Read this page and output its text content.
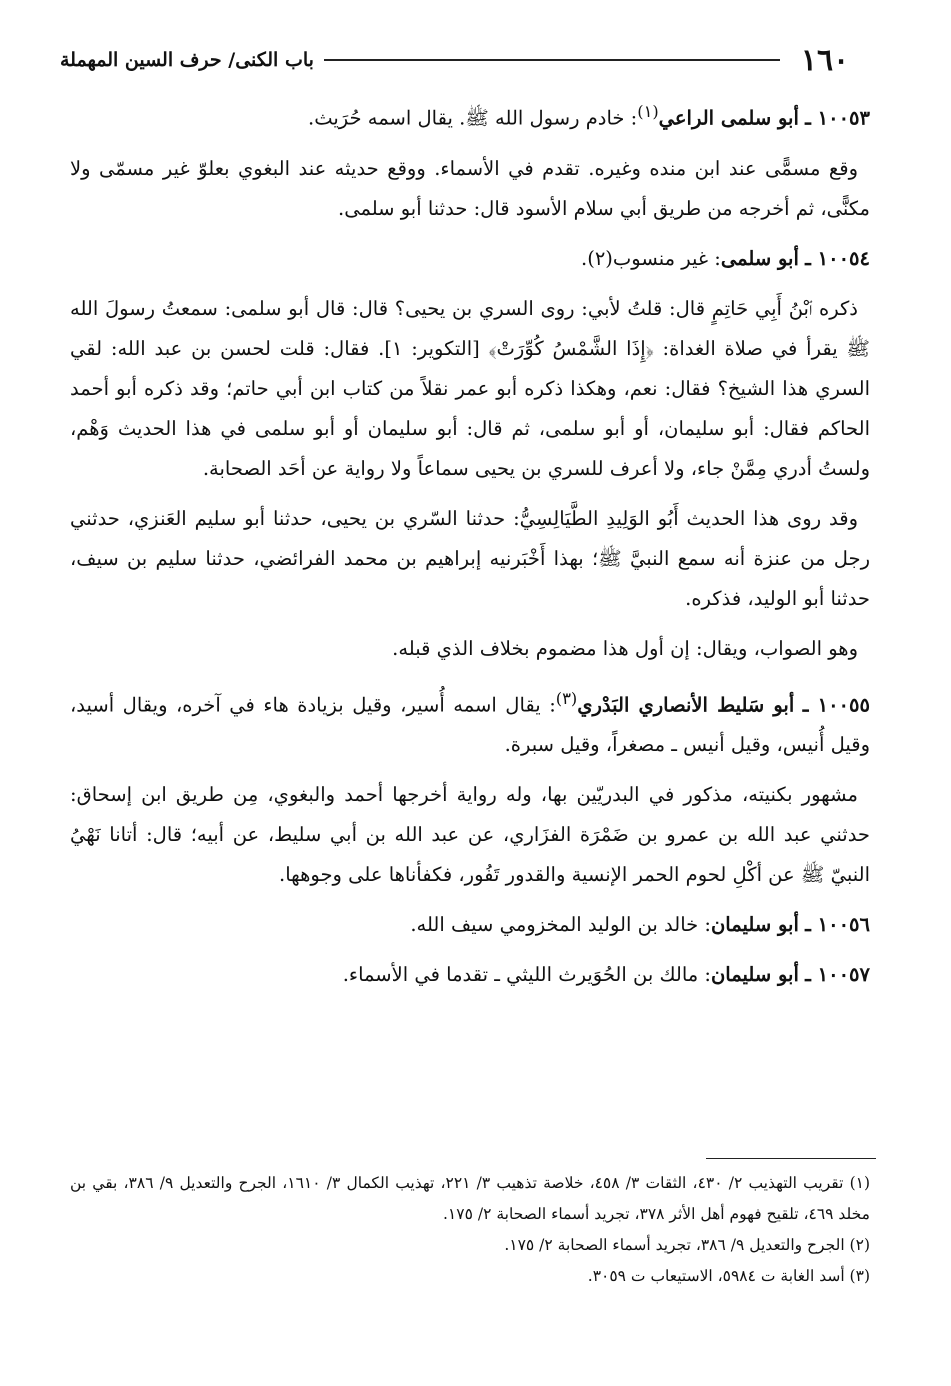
١٦٠
باب الكنى/ حرف السين المهملة

١٠٠٥٣ ـ أبو سلمى الراعي$^{(١)}$: خادم رسول الله ﷺ. يقال اسمه حُرَيث.

وقع مسمًّى عند ابن منده وغيره. تقدم في الأسماء. ووقع حديثه عند البغوي بعلوّ غير مسمّى ولا مكنًّى، ثم أخرجه من طريق أبي سلام الأسود قال: حدثنا أبو سلمى.

١٠٠٥٤ ـ أبو سلمى: غير منسوب(٢).

ذكره ٱبْنُ أَبِي حَاتِمٍ قال: قلتُ لأبي: روى السري بن يحيى؟ قال: قال أبو سلمى: سمعتُ رسولَ الله ﷺ يقرأ في صلاة الغداة: ﴿إِذَا الشَّمْسُ كُوِّرَتْ﴾ [التكوير: ١]. فقال: قلت لحسن بن عبد الله: لقي السري هذا الشيخ؟ فقال: نعم، وهكذا ذكره أبو عمر نقلاً من كتاب ابن أبي حاتم؛ وقد ذكره أبو أحمد الحاكم فقال: أبو سليمان، أو أبو سلمى، ثم قال: أبو سليمان أو أبو سلمى في هذا الحديث وَهْم، ولستُ أدري مِمَّنْ جاء، ولا أعرف للسري بن يحيى سماعاً ولا رواية عن أحَد الصحابة.

وقد روى هذا الحديث أَبُو الوَلِيدِ الطَّيَالِسِيُّ: حدثنا السّري بن يحيى، حدثنا أبو سليم العَنزي، حدثني رجل من عنزة أنه سمع النبيَّ ﷺ؛ بهذا أَخْبَرنيه إبراهيم بن محمد الفرائضي، حدثنا سليم بن سيف، حدثنا أبو الوليد، فذكره.

وهو الصواب، ويقال: إن أول هذا مضموم بخلاف الذي قبله.

١٠٠٥٥ ـ أبو سَليط الأنصاري البَدْري$^{(٣)}$: يقال اسمه أُسير، وقيل بزيادة هاء في آخره، ويقال أسيد، وقيل أُنيس، وقيل أنيس ـ مصغراً، وقيل سبرة.

مشهور بكنيته، مذكور في البدريّين بها، وله رواية أخرجها أحمد والبغوي، مِن طريق ابن إسحاق: حدثني عبد الله بن عمرو بن ضَمْرَة الفزَاري، عن عبد الله بن أبي سليط، عن أبيه؛ قال: أتانا نَهْيُ النبيّ ﷺ عن أكْلِ لحوم الحمر الإنسية والقدور تَفُور، فكفأناها على وجوهها.

١٠٠٥٦ ـ أبو سليمان: خالد بن الوليد المخزومي سيف الله.

١٠٠٥٧ ـ أبو سليمان: مالك بن الحُوَيرث الليثي ـ تقدما في الأسماء.

(١) تقريب التهذيب ٢/ ٤٣٠، الثقات ٣/ ٤٥٨، خلاصة تذهيب ٣/ ٢٢١، تهذيب الكمال ٣/ ١٦١٠، الجرح والتعديل ٩/ ٣٨٦، بقي بن مخلد ٤٦٩، تلقيح فهوم أهل الأثر ٣٧٨، تجريد أسماء الصحابة ٢/ ١٧٥.

(٢) الجرح والتعديل ٩/ ٣٨٦، تجريد أسماء الصحابة ٢/ ١٧٥.

(٣) أسد الغابة ت ٥٩٨٤، الاستيعاب ت ٣٠٥٩.
